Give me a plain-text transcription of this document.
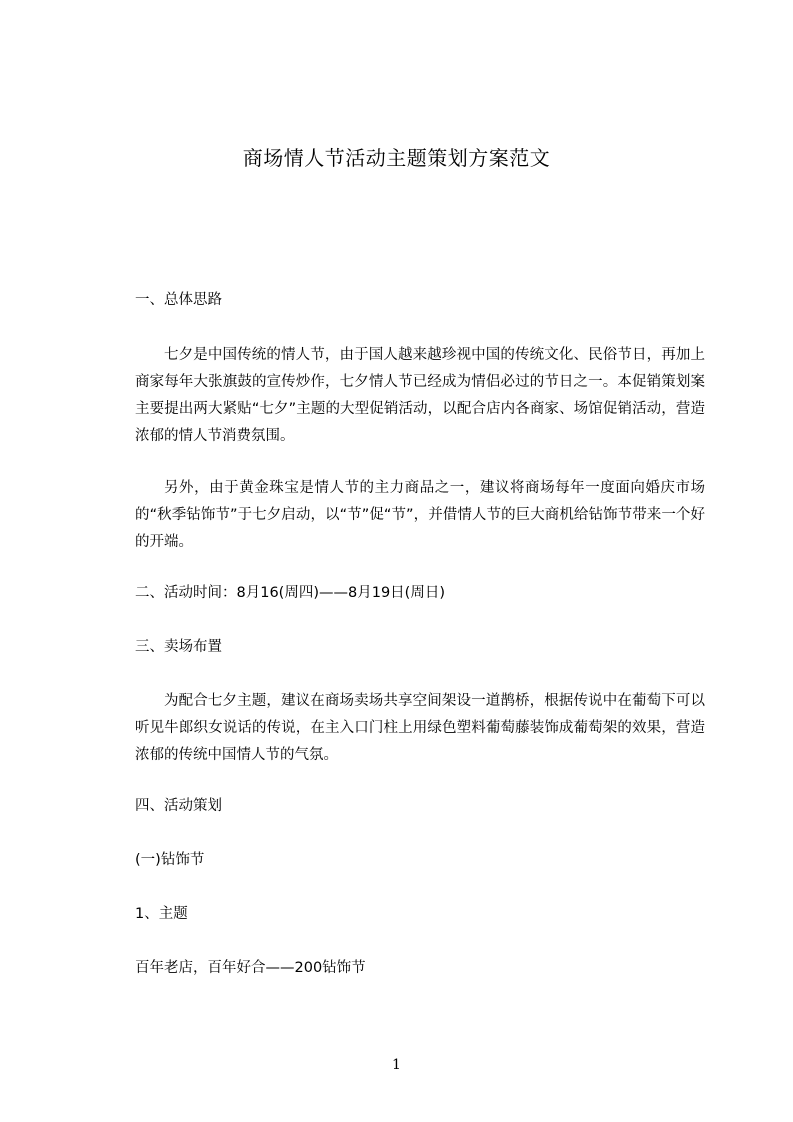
商场情人节活动主题策划方案范文
一、总体思路
七夕是中国传统的情人节，由于国人越来越珍视中国的传统文化、民俗节日，再加上商家每年大张旗鼓的宣传炒作，七夕情人节已经成为情侣必过的节日之一。本促销策划案主要提出两大紧贴“七夕”主题的大型促销活动，以配合店内各商家、场馆促销活动，营造浓郁的情人节消费氛围。
另外，由于黄金珠宝是情人节的主力商品之一，建议将商场每年一度面向婚庆市场的“秋季钻饰节”于七夕启动，以“节”促“节”，并借情人节的巨大商机给钻饰节带来一个好的开端。
二、活动时间：8月16(周四)——8月19日(周日)
三、卖场布置
为配合七夕主题，建议在商场卖场共享空间架设一道鹊桥，根据传说中在葡萄下可以听见牛郎织女说话的传说，在主入口门柱上用绿色塑料葡萄藤装饰成葡萄架的效果，营造浓郁的传统中国情人节的气氛。
四、活动策划
(一)钻饰节
1、主题
百年老店，百年好合——200钻饰节
1
